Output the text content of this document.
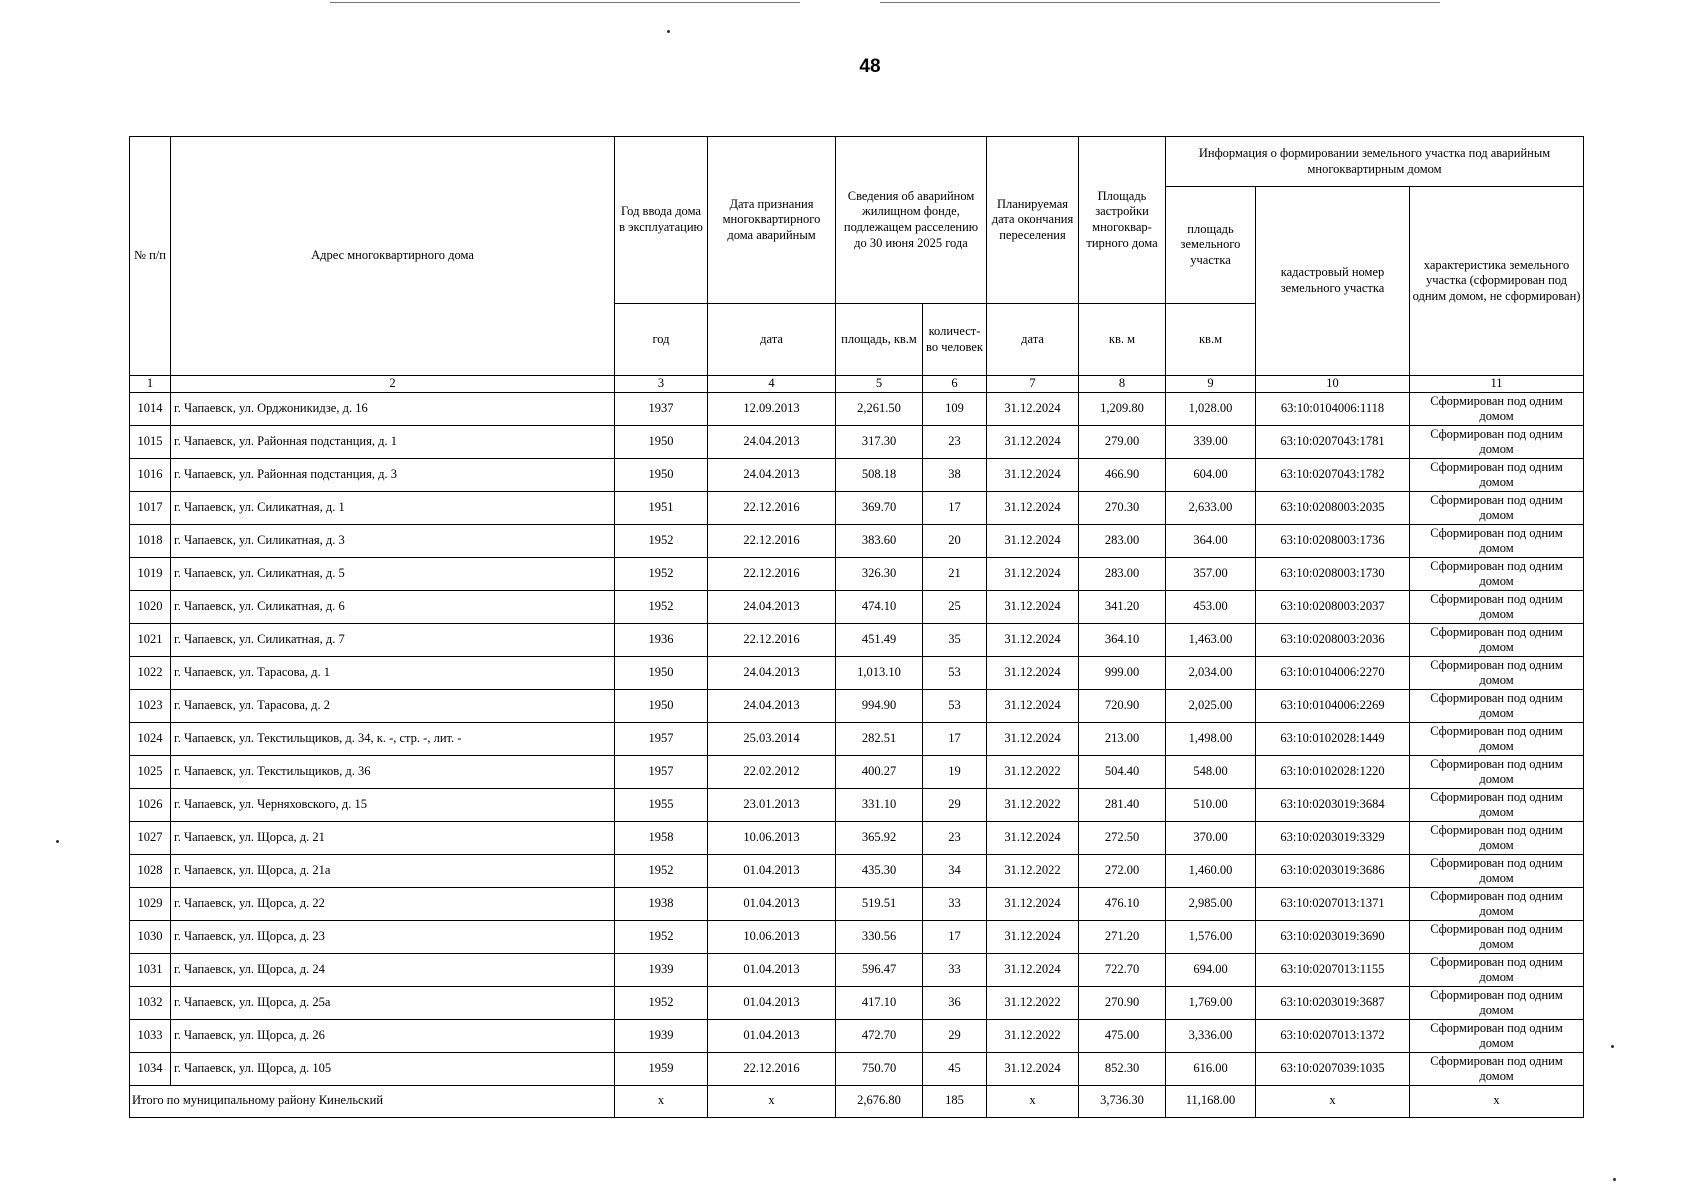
48
№ п/п	Адрес многоквартирного дома	Год ввода дома в эксплуатацию	Дата признания многоквартирного дома аварийным	Сведения об аварийном жилищном фонде, подлежащем расселению до 30 июня 2025 года		Планируемая дата окончания переселения	Площадь застройки многоквар-тирного дома	Информация о формировании земельного участка под аварийным многоквартирным домом		
								площадь земельного участка	кадастровый номер земельного участка	характеристика земельного участка (сформирован под одним домом, не сформирован)
		год	дата	площадь, кв.м	количест-во человек	дата	кв. м	кв.м		
1	2	3	4	5	6	7	8	9	10	11
1014	г. Чапаевск, ул. Орджоникидзе, д. 16	1937	12.09.2013	2,261.50	109	31.12.2024	1,209.80	1,028.00	63:10:0104006:1118	Сформирован под одним домом
1015	г. Чапаевск, ул. Районная подстанция, д. 1	1950	24.04.2013	317.30	23	31.12.2024	279.00	339.00	63:10:0207043:1781	Сформирован под одним домом
1016	г. Чапаевск, ул. Районная подстанция, д. 3	1950	24.04.2013	508.18	38	31.12.2024	466.90	604.00	63:10:0207043:1782	Сформирован под одним домом
1017	г. Чапаевск, ул. Силикатная, д. 1	1951	22.12.2016	369.70	17	31.12.2024	270.30	2,633.00	63:10:0208003:2035	Сформирован под одним домом
1018	г. Чапаевск, ул. Силикатная, д. 3	1952	22.12.2016	383.60	20	31.12.2024	283.00	364.00	63:10:0208003:1736	Сформирован под одним домом
1019	г. Чапаевск, ул. Силикатная, д. 5	1952	22.12.2016	326.30	21	31.12.2024	283.00	357.00	63:10:0208003:1730	Сформирован под одним домом
1020	г. Чапаевск, ул. Силикатная, д. 6	1952	24.04.2013	474.10	25	31.12.2024	341.20	453.00	63:10:0208003:2037	Сформирован под одним домом
1021	г. Чапаевск, ул. Силикатная, д. 7	1936	22.12.2016	451.49	35	31.12.2024	364.10	1,463.00	63:10:0208003:2036	Сформирован под одним домом
1022	г. Чапаевск, ул. Тарасова, д. 1	1950	24.04.2013	1,013.10	53	31.12.2024	999.00	2,034.00	63:10:0104006:2270	Сформирован под одним домом
1023	г. Чапаевск, ул. Тарасова, д. 2	1950	24.04.2013	994.90	53	31.12.2024	720.90	2,025.00	63:10:0104006:2269	Сформирован под одним домом
1024	г. Чапаевск, ул. Текстильщиков, д. 34, к. -, стр. -, лит. -	1957	25.03.2014	282.51	17	31.12.2024	213.00	1,498.00	63:10:0102028:1449	Сформирован под одним домом
1025	г. Чапаевск, ул. Текстильщиков, д. 36	1957	22.02.2012	400.27	19	31.12.2022	504.40	548.00	63:10:0102028:1220	Сформирован под одним домом
1026	г. Чапаевск, ул. Черняховского, д. 15	1955	23.01.2013	331.10	29	31.12.2022	281.40	510.00	63:10:0203019:3684	Сформирован под одним домом
1027	г. Чапаевск, ул. Щорса, д. 21	1958	10.06.2013	365.92	23	31.12.2024	272.50	370.00	63:10:0203019:3329	Сформирован под одним домом
1028	г. Чапаевск, ул. Щорса, д. 21а	1952	01.04.2013	435.30	34	31.12.2022	272.00	1,460.00	63:10:0203019:3686	Сформирован под одним домом
1029	г. Чапаевск, ул. Щорса, д. 22	1938	01.04.2013	519.51	33	31.12.2024	476.10	2,985.00	63:10:0207013:1371	Сформирован под одним домом
1030	г. Чапаевск, ул. Щорса, д. 23	1952	10.06.2013	330.56	17	31.12.2024	271.20	1,576.00	63:10:0203019:3690	Сформирован под одним домом
1031	г. Чапаевск, ул. Щорса, д. 24	1939	01.04.2013	596.47	33	31.12.2024	722.70	694.00	63:10:0207013:1155	Сформирован под одним домом
1032	г. Чапаевск, ул. Щорса, д. 25а	1952	01.04.2013	417.10	36	31.12.2022	270.90	1,769.00	63:10:0203019:3687	Сформирован под одним домом
1033	г. Чапаевск, ул. Щорса, д. 26	1939	01.04.2013	472.70	29	31.12.2022	475.00	3,336.00	63:10:0207013:1372	Сформирован под одним домом
1034	г. Чапаевск, ул. Щорса, д. 105	1959	22.12.2016	750.70	45	31.12.2024	852.30	616.00	63:10:0207039:1035	Сформирован под одним домом
Итого по муниципальному району Кинельский		x	x	2,676.80	185	x	3,736.30	11,168.00	x	x
